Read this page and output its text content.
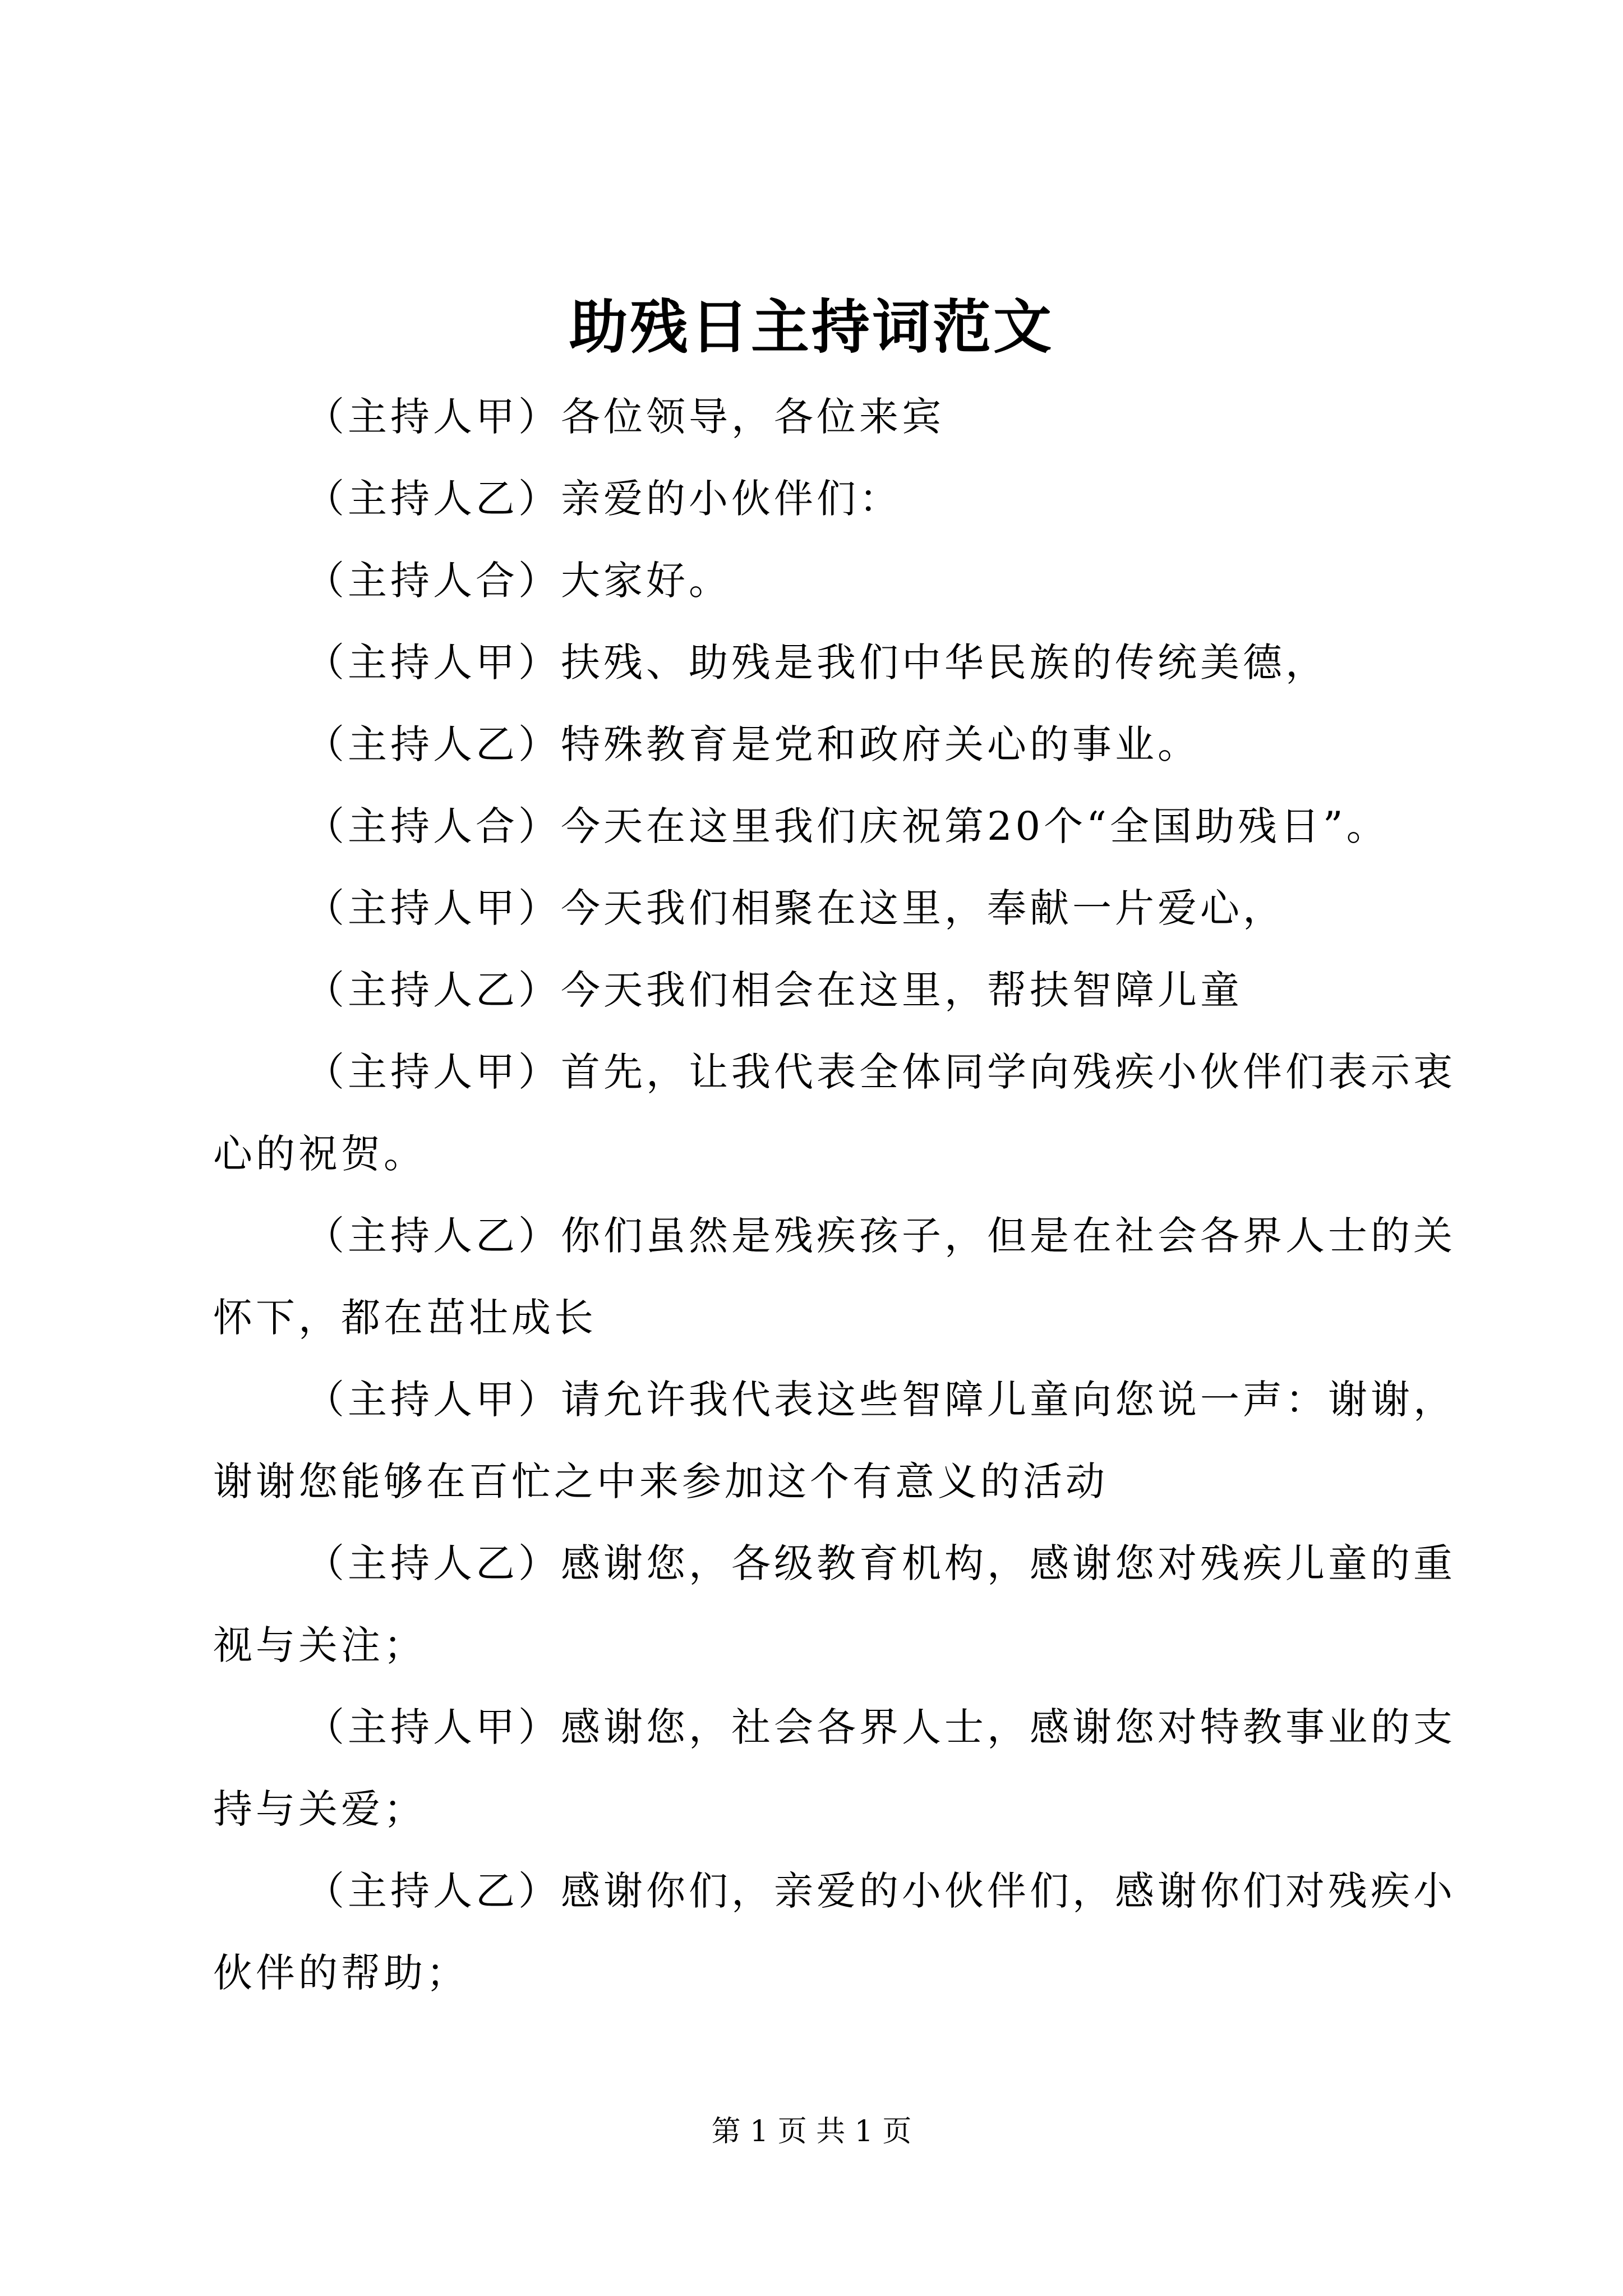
助残日主持词范文

（主持人甲）各位领导，各位来宾

（主持人乙）亲爱的小伙伴们：

（主持人合）大家好。

（主持人甲）扶残、助残是我们中华民族的传统美德，

（主持人乙）特殊教育是党和政府关心的事业。

（主持人合）今天在这里我们庆祝第20个“全国助残日”。

（主持人甲）今天我们相聚在这里，奉献一片爱心，

（主持人乙）今天我们相会在这里，帮扶智障儿童

（主持人甲）首先，让我代表全体同学向残疾小伙伴们表示衷心的祝贺。

（主持人乙）你们虽然是残疾孩子，但是在社会各界人士的关怀下，都在茁壮成长

（主持人甲）请允许我代表这些智障儿童向您说一声：谢谢，谢谢您能够在百忙之中来参加这个有意义的活动

（主持人乙）感谢您，各级教育机构，感谢您对残疾儿童的重视与关注；

（主持人甲）感谢您，社会各界人士，感谢您对特教事业的支持与关爱；

（主持人乙）感谢你们，亲爱的小伙伴们，感谢你们对残疾小伙伴的帮助；

第 1 页 共 1 页
